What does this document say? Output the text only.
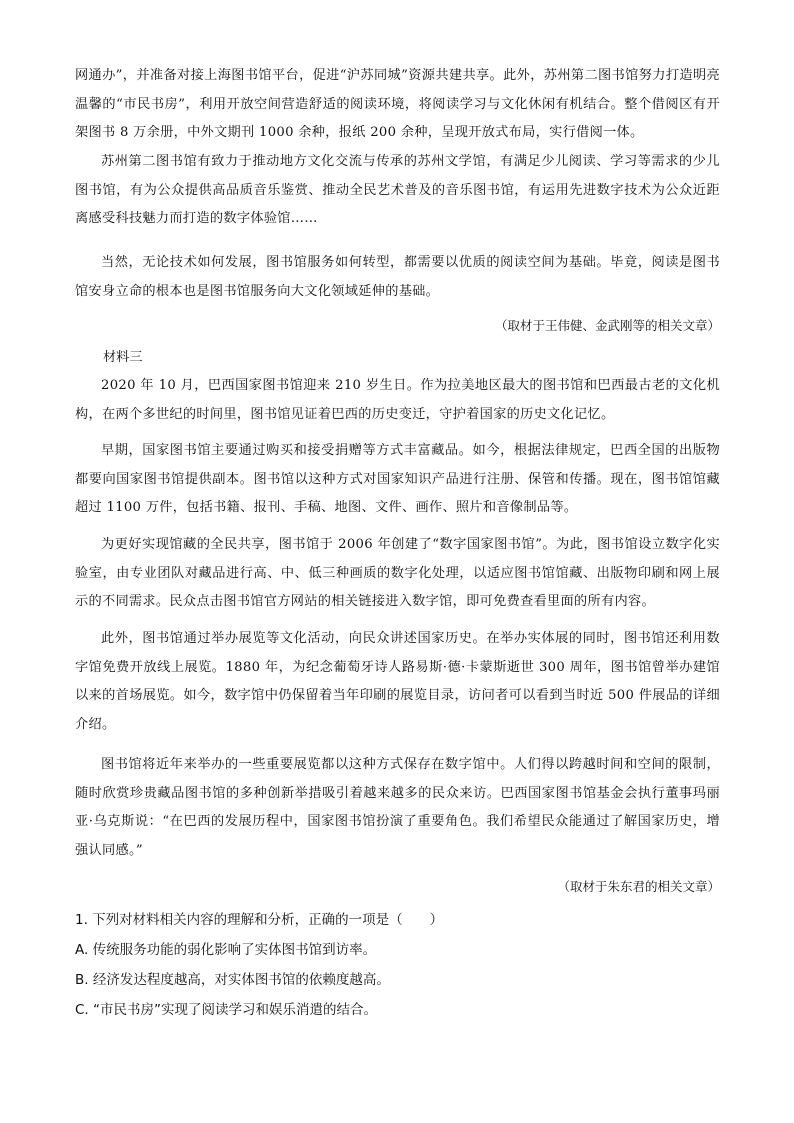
网通办”，并准备对接上海图书馆平台，促进“沪苏同城”资源共建共享。此外，苏州第二图书馆努力打造明亮温馨的“市民书房”，利用开放空间营造舒适的阅读环境，将阅读学习与文化休闲有机结合。整个借阅区有开架图书 8 万余册，中外文期刊 1000 余种，报纸 200 余种，呈现开放式布局，实行借阅一体。

苏州第二图书馆有致力于推动地方文化交流与传承的苏州文学馆，有满足少儿阅读、学习等需求的少儿图书馆，有为公众提供高品质音乐鉴赏、推动全民艺术普及的音乐图书馆，有运用先进数字技术为公众近距离感受科技魅力而打造的数字体验馆……

当然，无论技术如何发展，图书馆服务如何转型，都需要以优质的阅读空间为基础。毕竟，阅读是图书馆安身立命的根本也是图书馆服务向大文化领域延伸的基础。

（取材于王伟健、金武刚等的相关文章）

材料三

2020 年 10 月，巴西国家图书馆迎来 210 岁生日。作为拉美地区最大的图书馆和巴西最古老的文化机构，在两个多世纪的时间里，图书馆见证着巴西的历史变迁，守护着国家的历史文化记忆。

早期，国家图书馆主要通过购买和接受捐赠等方式丰富藏品。如今，根据法律规定，巴西全国的出版物都要向国家图书馆提供副本。图书馆以这种方式对国家知识产品进行注册、保管和传播。现在，图书馆馆藏超过 1100 万件，包括书籍、报刊、手稿、地图、文件、画作、照片和音像制品等。

为更好实现馆藏的全民共享，图书馆于 2006 年创建了“数字国家图书馆”。为此，图书馆设立数字化实验室，由专业团队对藏品进行高、中、低三种画质的数字化处理，以适应图书馆馆藏、出版物印刷和网上展示的不同需求。民众点击图书馆官方网站的相关链接进入数字馆，即可免费查看里面的所有内容。

此外，图书馆通过举办展览等文化活动，向民众讲述国家历史。在举办实体展的同时，图书馆还利用数字馆免费开放线上展览。1880 年，为纪念葡萄牙诗人路易斯·德·卡蒙斯逝世 300 周年，图书馆曾举办建馆以来的首场展览。如今，数字馆中仍保留着当年印刷的展览目录，访问者可以看到当时近 500 件展品的详细介绍。

图书馆将近年来举办的一些重要展览都以这种方式保存在数字馆中。人们得以跨越时间和空间的限制，随时欣赏珍贵藏品图书馆的多种创新举措吸引着越来越多的民众来访。巴西国家图书馆基金会执行董事玛丽亚·乌克斯说：“在巴西的发展历程中，国家图书馆扮演了重要角色。我们希望民众能通过了解国家历史，增强认同感。”

（取材于朱东君的相关文章）

1. 下列对材料相关内容的理解和分析，正确的一项是（　　）

A. 传统服务功能的弱化影响了实体图书馆到访率。

B. 经济发达程度越高，对实体图书馆的依赖度越高。

C. “市民书房”实现了阅读学习和娱乐消遣的结合。
